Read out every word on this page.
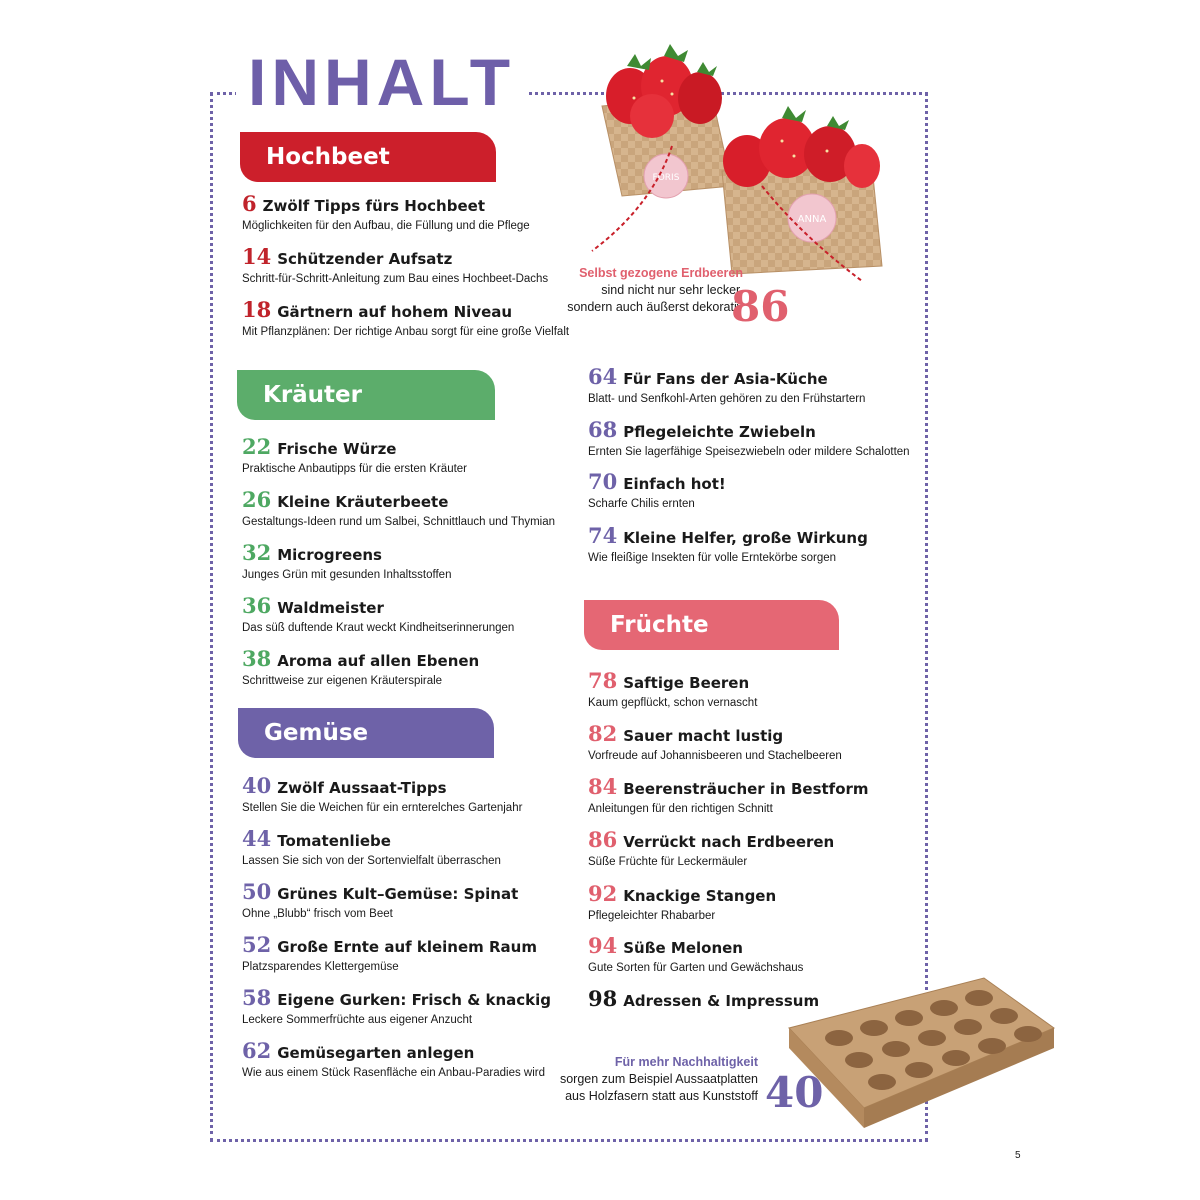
INHALT
Hochbeet
Kräuter
Gemüse
Früchte
6 Zwölf Tipps fürs Hochbeet
Möglichkeiten für den Aufbau, die Füllung und die Pflege
14 Schützender Aufsatz
Schritt-für-Schritt-Anleitung zum Bau eines Hochbeet-Dachs
18 Gärtnern auf hohem Niveau
Mit Pflanzplänen: Der richtige Anbau sorgt für eine große Vielfalt
22 Frische Würze
Praktische Anbautipps für die ersten Kräuter
26 Kleine Kräuterbeete
Gestaltungs-Ideen rund um Salbei, Schnittlauch und Thymian
32 Microgreens
Junges Grün mit gesunden Inhaltsstoffen
36 Waldmeister
Das süß duftende Kraut weckt Kindheitserinnerungen
38 Aroma auf allen Ebenen
Schrittweise zur eigenen Kräuterspirale
40 Zwölf Aussaat-Tipps
Stellen Sie die Weichen für ein ernterelches Gartenjahr
44 Tomatenliebe
Lassen Sie sich von der Sortenvielfalt überraschen
50 Grünes Kult–Gemüse: Spinat
Ohne „Blubb“ frisch vom Beet
52 Große Ernte auf kleinem Raum
Platzsparendes Klettergemüse
58 Eigene Gurken: Frisch & knackig
Leckere Sommerfrüchte aus eigener Anzucht
62 Gemüsegarten anlegen
Wie aus einem Stück Rasenfläche ein Anbau-Paradies wird
64 Für Fans der Asia-Küche
Blatt- und Senfkohl-Arten gehören zu den Frühstartern
68 Pflegeleichte Zwiebeln
Ernten Sie lagerfähige Speisezwiebeln oder mildere Schalotten
70 Einfach hot!
Scharfe Chilis ernten
74 Kleine Helfer, große Wirkung
Wie fleißige Insekten für volle Erntekörbe sorgen
78 Saftige Beeren
Kaum gepflückt, schon vernascht
82 Sauer macht lustig
Vorfreude auf Johannisbeeren und Stachelbeeren
84 Beerensträucher in Bestform
Anleitungen für den richtigen Schnitt
86 Verrückt nach Erdbeeren
Süße Früchte für Leckermäuler
92 Knackige Stangen
Pflegeleichter Rhabarber
94 Süße Melonen
Gute Sorten für Garten und Gewächshaus
98 Adressen & Impressum
FORIS
ANNA
Selbst gezogene Erdbeeren sind nicht nur sehr lecker, sondern auch äußerst dekorativ
86
Für mehr Nachhaltigkeit
sorgen zum Beispiel Aussaatplatten aus Holzfasern statt aus Kunststoff 40
5
